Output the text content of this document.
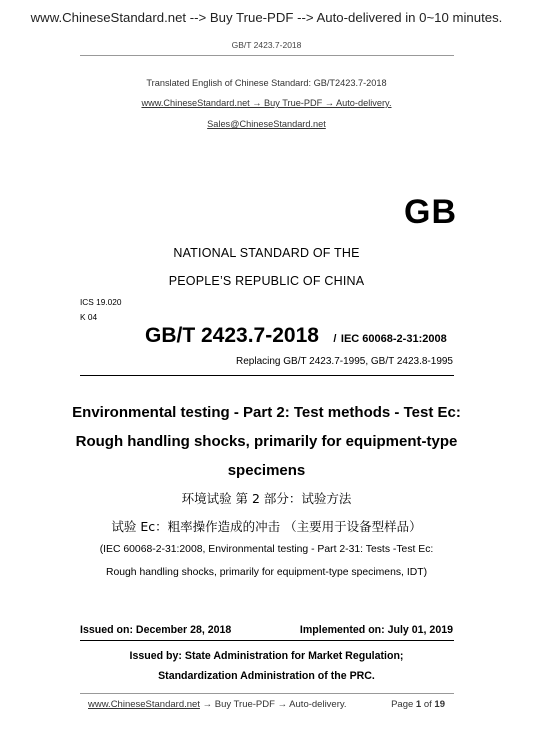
www.ChineseStandard.net --> Buy True-PDF --> Auto-delivered in 0~10 minutes.
GB/T 2423.7-2018
Translated English of Chinese Standard: GB/T2423.7-2018
www.ChineseStandard.net → Buy True-PDF → Auto-delivery.
Sales@ChineseStandard.net
GB
NATIONAL STANDARD OF THE
PEOPLE’S REPUBLIC OF CHINA
ICS 19.020
K 04
GB/T 2423.7-2018 / IEC 60068-2-31:2008
Replacing GB/T 2423.7-1995, GB/T 2423.8-1995
Environmental testing - Part 2: Test methods - Test Ec:
Rough handling shocks, primarily for equipment-type
specimens
环境试验 第 2 部分：试验方法
试验 Ec：粗率操作造成的冲击 （主要用于设备型样品）
(IEC 60068-2-31:2008, Environmental testing - Part 2-31: Tests -Test Ec:
Rough handling shocks, primarily for equipment-type specimens, IDT)
Issued on: December 28, 2018	Implemented on: July 01, 2019
Issued by: State Administration for Market Regulation;
Standardization Administration of the PRC.
www.ChineseStandard.net → Buy True-PDF → Auto-delivery.	Page 1 of 19
